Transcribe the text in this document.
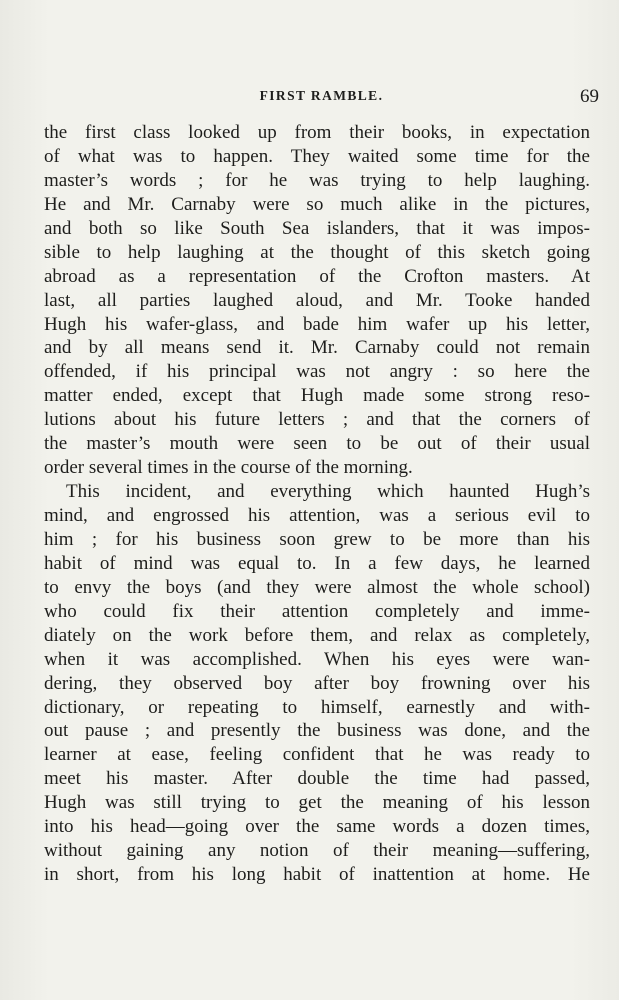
FIRST RAMBLE.	69
the first class looked up from their books, in expectation
of what was to happen. They waited some time for the
master’s words ; for he was trying to help laughing.
He and Mr. Carnaby were so much alike in the pictures,
and both so like South Sea islanders, that it was impos-
sible to help laughing at the thought of this sketch going
abroad as a representation of the Crofton masters. At
last, all parties laughed aloud, and Mr. Tooke handed
Hugh his wafer-glass, and bade him wafer up his letter,
and by all means send it. Mr. Carnaby could not remain
offended, if his principal was not angry : so here the
matter ended, except that Hugh made some strong reso-
lutions about his future letters ; and that the corners of
the master’s mouth were seen to be out of their usual
order several times in the course of the morning.
This incident, and everything which haunted Hugh’s
mind, and engrossed his attention, was a serious evil to
him ; for his business soon grew to be more than his
habit of mind was equal to. In a few days, he learned
to envy the boys (and they were almost the whole school)
who could fix their attention completely and imme-
diately on the work before them, and relax as completely,
when it was accomplished. When his eyes were wan-
dering, they observed boy after boy frowning over his
dictionary, or repeating to himself, earnestly and with-
out pause ; and presently the business was done, and the
learner at ease, feeling confident that he was ready to
meet his master. After double the time had passed,
Hugh was still trying to get the meaning of his lesson
into his head—going over the same words a dozen times,
without gaining any notion of their meaning—suffering,
in short, from his long habit of inattention at home. He
